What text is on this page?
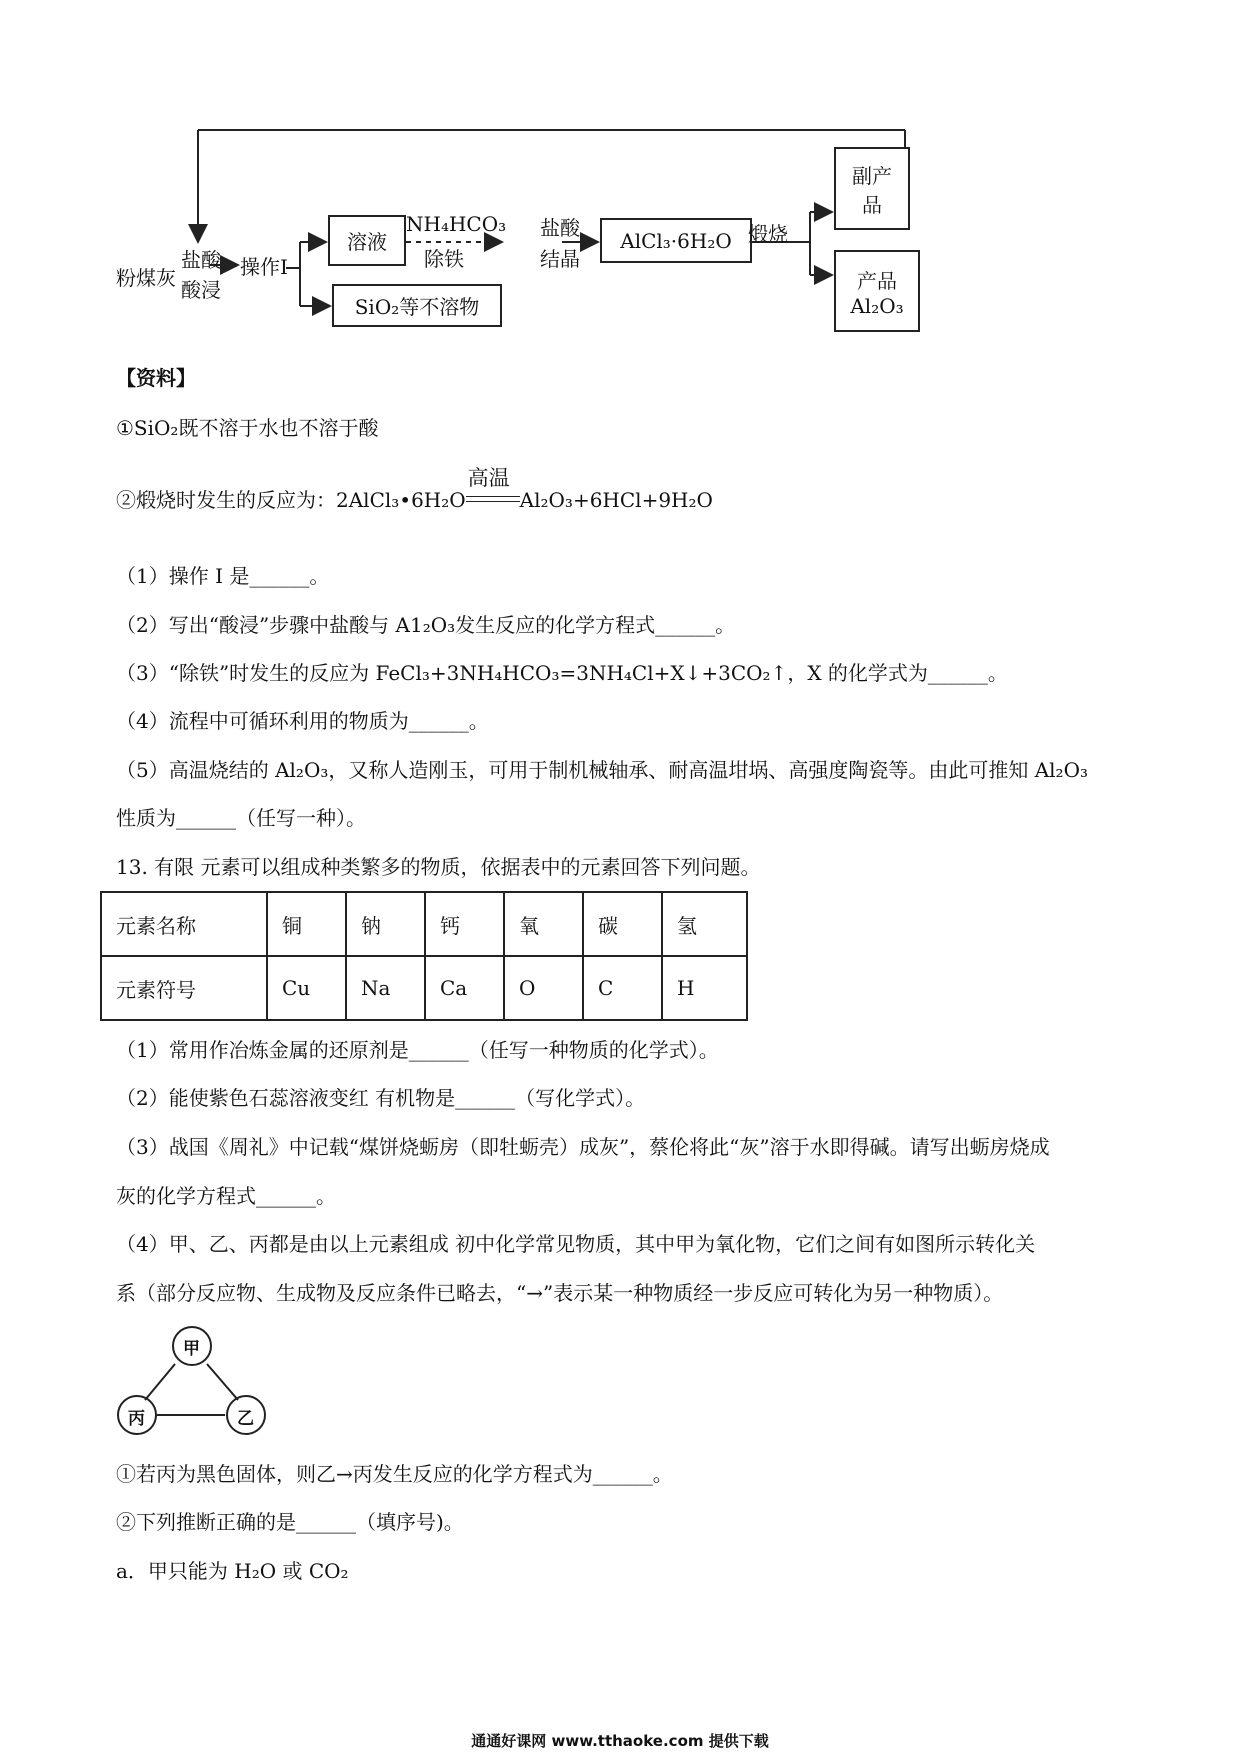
粉煤灰
盐酸
酸浸
操作I
溶液
NH₄HCO₃
除铁
SiO₂等不溶物
盐酸
结晶
AlCl₃·6H₂O 煅烧
副产
品
产品
Al₂O₃
【资料】
①SiO₂既不溶于水也不溶于酸
②煅烧时发生的反应为：2AlCl₃•6H₂O
高温
Al₂O₃+6HCl+9H₂O
（1）操作 I 是______。
（2）写出“酸浸”步骤中盐酸与 A1₂O₃发生反应的化学方程式______。
（3）“除铁”时发生的反应为 FeCl₃+3NH₄HCO₃=3NH₄Cl+X↓+3CO₂↑，X 的化学式为______。
（4）流程中可循环利用的物质为______。
（5）高温烧结的 Al₂O₃，又称人造刚玉，可用于制机械轴承、耐高温坩埚、高强度陶瓷等。由此可推知 Al₂O₃
性质为______（任写一种）。
13. 有限 元素可以组成种类繁多的物质，依据表中的元素回答下列问题。
元素名称	铜	钠	钙	氧	碳	氢
元素符号	Cu	Na	Ca	O	C	H
（1）常用作冶炼金属的还原剂是______（任写一种物质的化学式）。
（2）能使紫色石蕊溶液变红 有机物是______（写化学式）。
（3）战国《周礼》中记载“煤饼烧蛎房（即牡蛎壳）成灰”，蔡伦将此“灰”溶于水即得碱。请写出蛎房烧成
灰的化学方程式______。
（4）甲、乙、丙都是由以上元素组成 初中化学常见物质，其中甲为氧化物，它们之间有如图所示转化关
系（部分反应物、生成物及反应条件已略去，“→”表示某一种物质经一步反应可转化为另一种物质）。
甲
丙	乙
①若丙为黑色固体，则乙→丙发生反应的化学方程式为______。
②下列推断正确的是______（填序号)。
a．甲只能为 H₂O 或 CO₂
通通好课网 www.tthaoke.com 提供下载
